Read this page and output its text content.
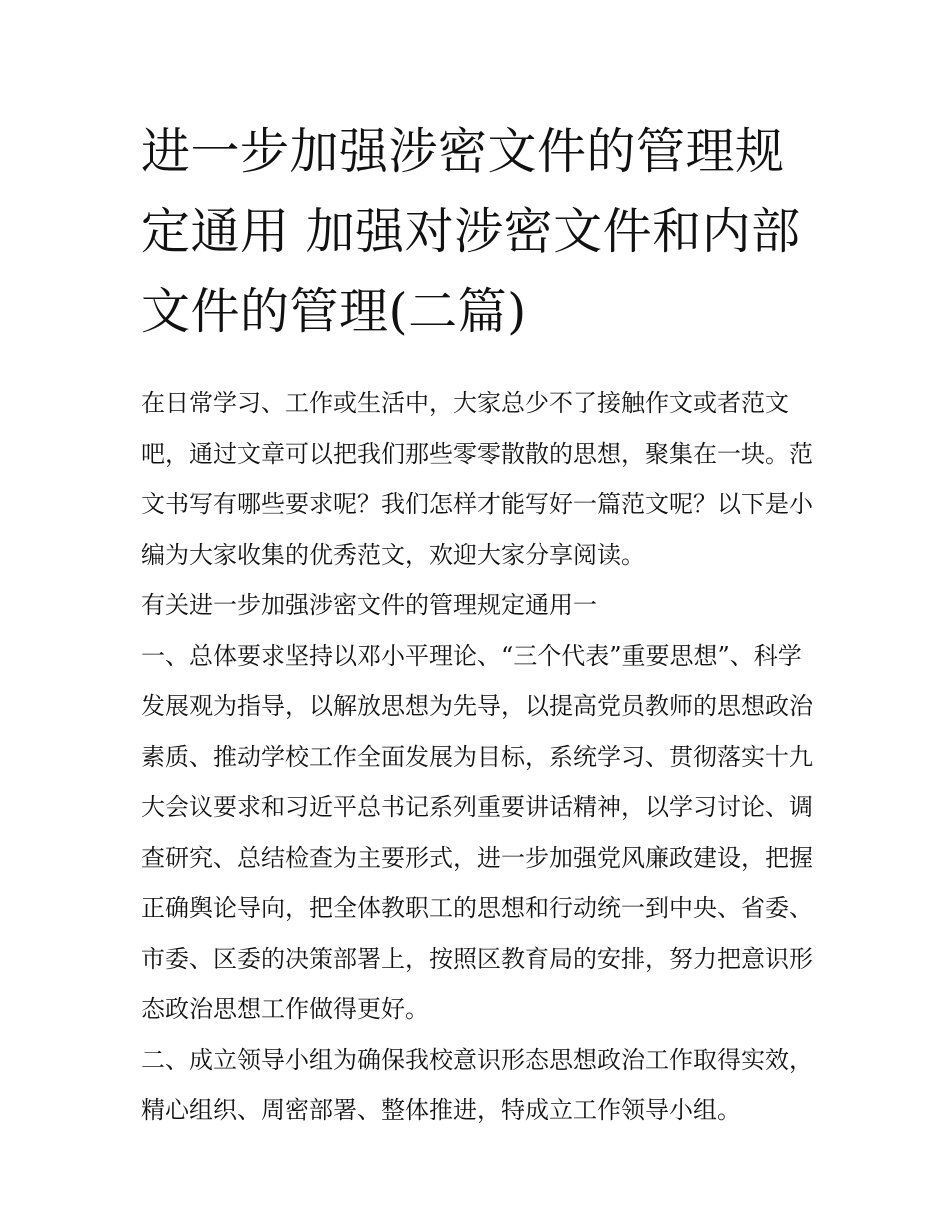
进一步加强涉密文件的管理规定通用 加强对涉密文件和内部文件的管理(二篇)

在日常学习、工作或生活中，大家总少不了接触作文或者范文吧，通过文章可以把我们那些零零散散的思想，聚集在一块。范文书写有哪些要求呢？我们怎样才能写好一篇范文呢？以下是小编为大家收集的优秀范文，欢迎大家分享阅读。

有关进一步加强涉密文件的管理规定通用一

一、总体要求坚持以邓小平理论、“三个代表”重要思想”、科学发展观为指导，以解放思想为先导，以提高党员教师的思想政治素质、推动学校工作全面发展为目标，系统学习、贯彻落实十九大会议要求和习近平总书记系列重要讲话精神，以学习讨论、调查研究、总结检查为主要形式，进一步加强党风廉政建设，把握正确舆论导向，把全体教职工的思想和行动统一到中央、省委、市委、区委的决策部署上，按照区教育局的安排，努力把意识形态政治思想工作做得更好。

二、成立领导小组为确保我校意识形态思想政治工作取得实效，精心组织、周密部署、整体推进，特成立工作领导小组。
